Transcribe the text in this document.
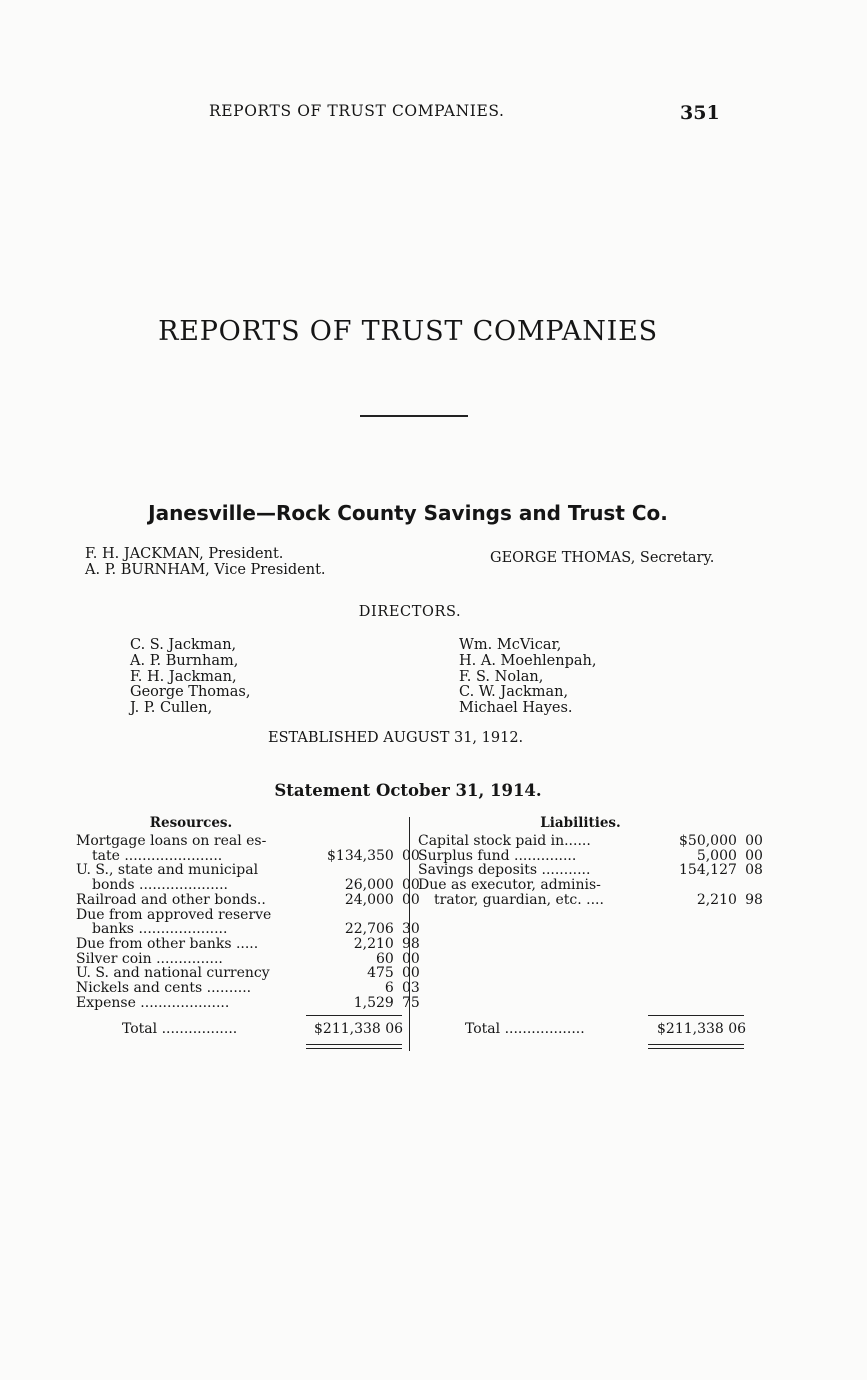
REPORTS OF TRUST COMPANIES.	351
REPORTS OF TRUST COMPANIES
Janesville—Rock County Savings and Trust Co.
F. H. JACKMAN, President.
A. P. BURNHAM, Vice President.
GEORGE THOMAS, Secretary.
DIRECTORS.
C. S. Jackman,
A. P. Burnham,
F. H. Jackman,
George Thomas,
J. P. Cullen,
Wm. McVicar,
H. A. Moehlenpah,
F. S. Nolan,
C. W. Jackman,
Michael Hayes.
ESTABLISHED AUGUST 31, 1912.
Statement October 31, 1914.
Resources.	Liabilities.
Mortgage loans on real es-		
tate ......................	$134,350	00
U. S., state and municipal		
bonds ....................	26,000	00
Railroad and other bonds..	24,000	00
Due from approved reserve		
banks ....................	22,706	30
Due from other banks .....	2,210	98
Silver coin ...............	60	00
U. S. and national currency	475	00
Nickels and cents ..........	6	03
Expense ....................	1,529	75
Capital stock paid in......	$50,000	00
Surplus fund ..............	5,000	00
Savings deposits ...........	154,127	08
Due as executor, adminis-		
trator, guardian, etc. ....	2,210	98
Total .................	$211,338 06	Total ..................	$211,338 06
